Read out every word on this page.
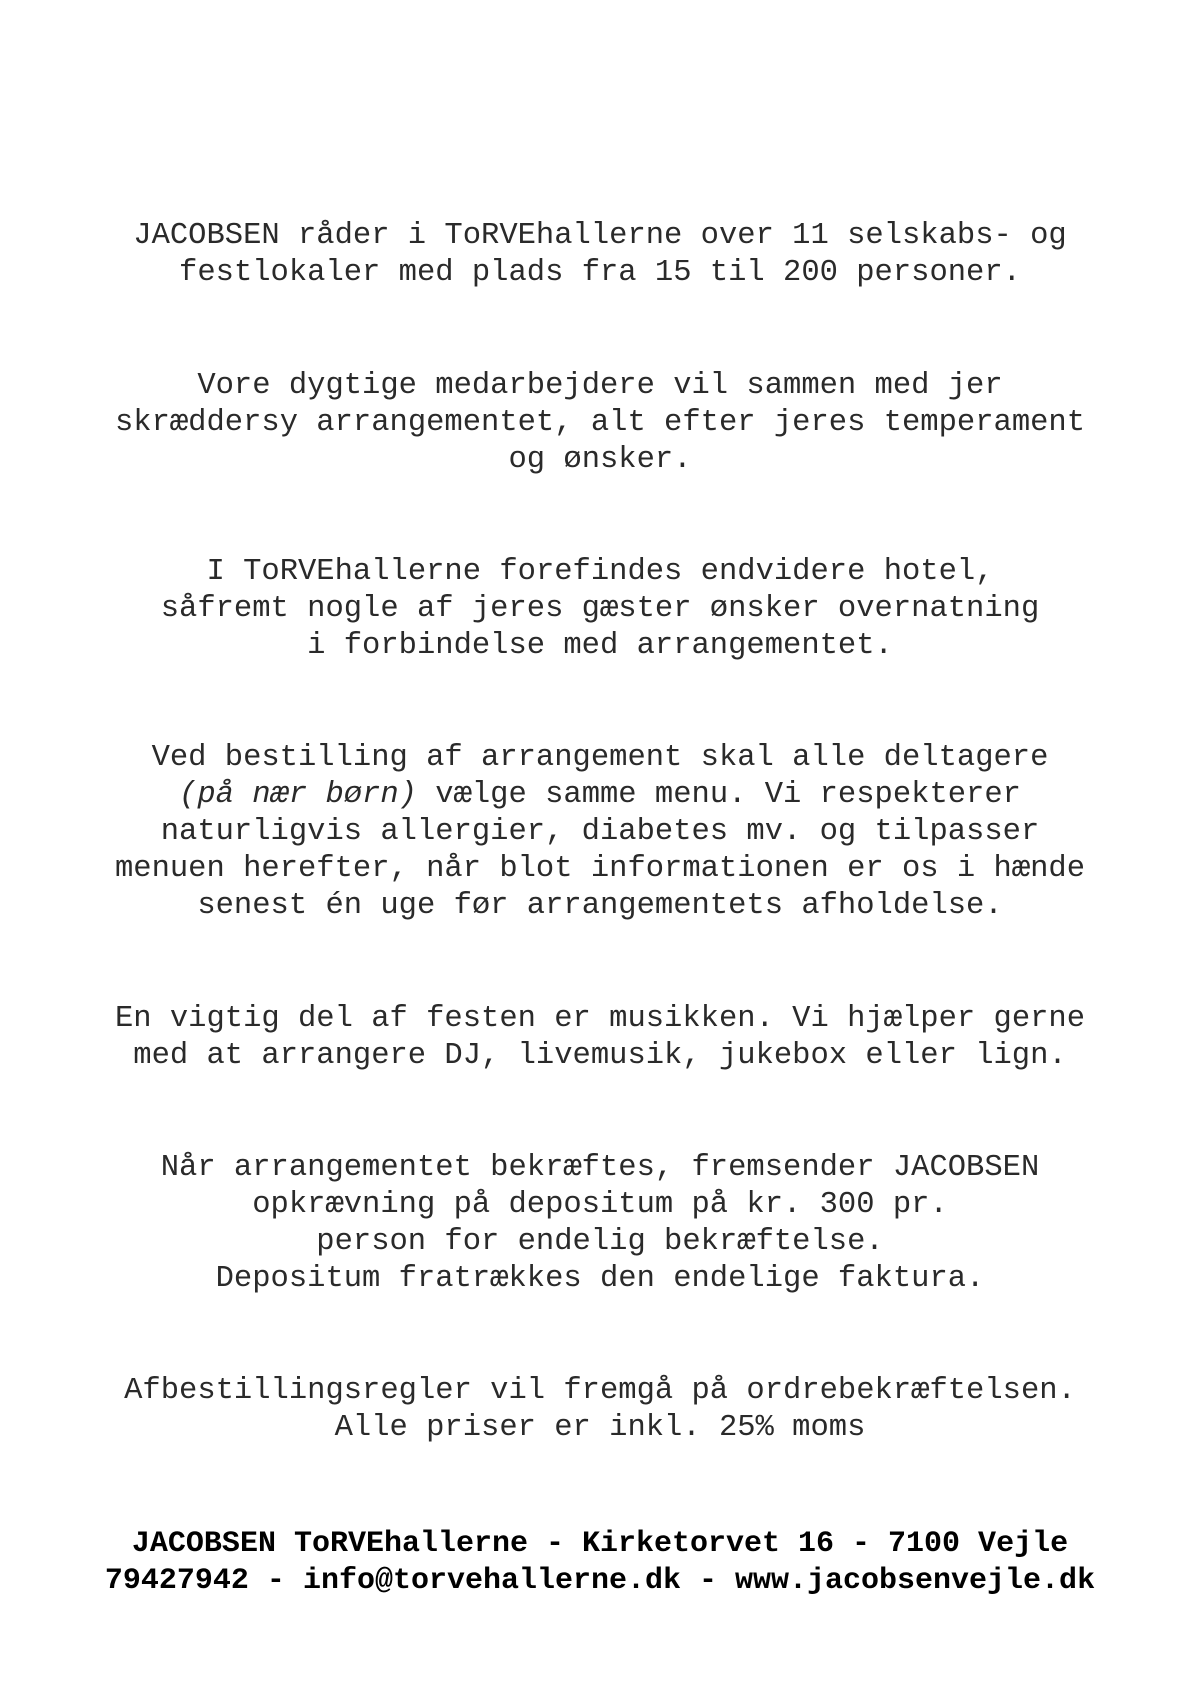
JACOBSEN råder i ToRVEhallerne over 11 selskabs- og
festlokaler med plads fra 15 til 200 personer.
Vore dygtige medarbejdere vil sammen med jer
skræddersy arrangementet, alt efter jeres temperament
og ønsker.
I ToRVEhallerne forefindes endvidere hotel,
såfremt nogle af jeres gæster ønsker overnatning
i forbindelse med arrangementet.
Ved bestilling af arrangement skal alle deltagere
(på nær børn) vælge samme menu. Vi respekterer
naturligvis allergier, diabetes mv. og tilpasser
menuen herefter, når blot informationen er os i hænde
senest én uge før arrangementets afholdelse.
En vigtig del af festen er musikken. Vi hjælper gerne
med at arrangere DJ, livemusik, jukebox eller lign.
Når arrangementet bekræftes, fremsender JACOBSEN
opkrævning på depositum på kr. 300 pr.
person for endelig bekræftelse.
Depositum fratrækkes den endelige faktura.
Afbestillingsregler vil fremgå på ordrebekræftelsen.
Alle priser er inkl. 25% moms
JACOBSEN ToRVEhallerne - Kirketorvet 16 - 7100 Vejle
79427942 - info@torvehallerne.dk - www.jacobsenvejle.dk
